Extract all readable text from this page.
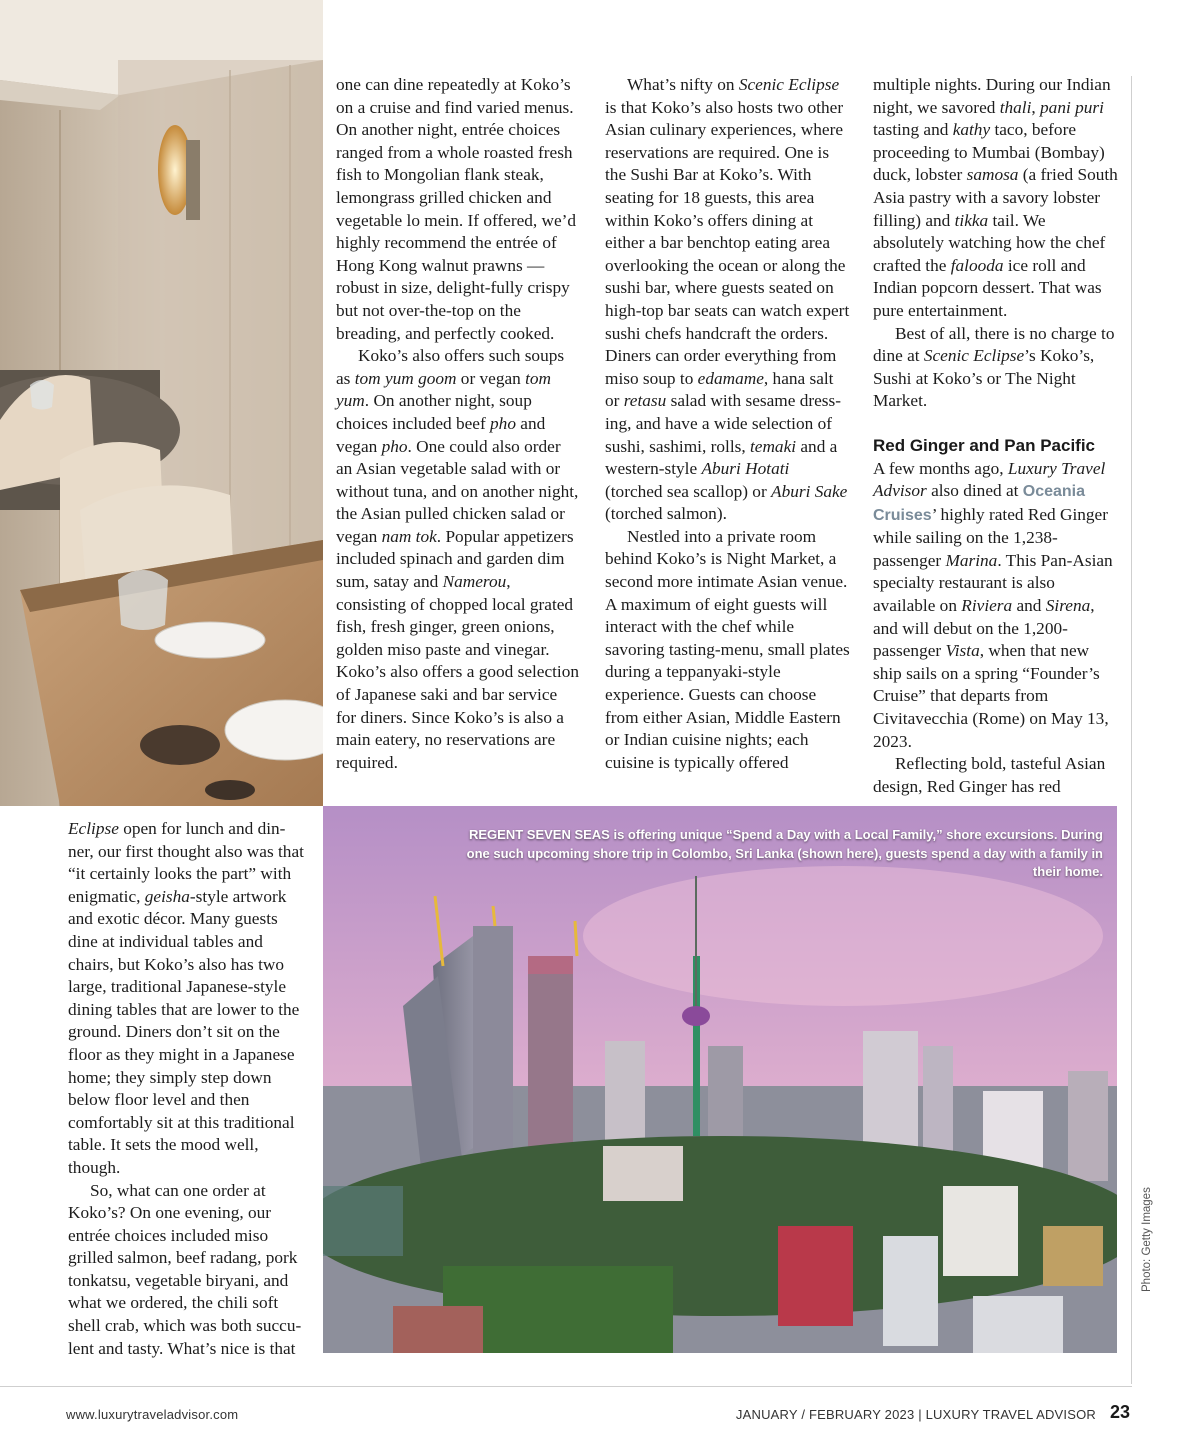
one can dine repeatedly at Koko’s on a cruise and find varied menus. On another night, entrée choices ranged from a whole roasted fresh fish to Mongolian flank steak, lemongrass grilled chicken and vegetable lo mein. If offered, we’d highly recommend the entrée of Hong Kong walnut prawns — robust in size, delight-fully crispy but not over-the-top on the breading, and perfectly cooked.

Koko’s also offers such soups as tom yum goom or vegan tom yum. On another night, soup choices included beef pho and vegan pho. One could also order an Asian vegetable salad with or without tuna, and on another night, the Asian pulled chicken salad or vegan nam tok. Popular appetizers included spinach and garden dim sum, satay and Namerou, consisting of chopped local grated fish, fresh ginger, green onions, golden miso paste and vinegar. Koko’s also offers a good selection of Japanese saki and bar service for diners. Since Koko’s is also a main eatery, no reservations are required.

What’s nifty on Scenic Eclipse is that Koko’s also hosts two other Asian culinary experiences, where reservations are required. One is the Sushi Bar at Koko’s. With seating for 18 guests, this area within Koko’s offers dining at either a bar benchtop eating area overlooking the ocean or along the sushi bar, where guests seated on high-top bar seats can watch expert sushi chefs handcraft the orders. Diners can order everything from miso soup to edamame, hana salt or retasu salad with sesame dress-ing, and have a wide selection of sushi, sashimi, rolls, temaki and a western-style Aburi Hotati (torched sea scallop) or Aburi Sake (torched salmon).

Nestled into a private room behind Koko’s is Night Market, a second more intimate Asian venue. A maximum of eight guests will interact with the chef while savoring tasting-menu, small plates during a teppanyaki-style experience. Guests can choose from either Asian, Middle Eastern or Indian cuisine nights; each cuisine is typically offered

multiple nights. During our Indian night, we savored thali, pani puri tasting and kathy taco, before proceeding to Mumbai (Bombay) duck, lobster samosa (a fried South Asia pastry with a savory lobster filling) and tikka tail. We absolutely watching how the chef crafted the falooda ice roll and Indian popcorn dessert. That was pure entertainment.

Best of all, there is no charge to dine at Scenic Eclipse’s Koko’s, Sushi at Koko’s or The Night Market.

Red Ginger and Pan Pacific

A few months ago, Luxury Travel Advisor also dined at Oceania Cruises’ highly rated Red Ginger while sailing on the 1,238-passenger Marina. This Pan-Asian specialty restaurant is also available on Riviera and Sirena, and will debut on the 1,200-passenger Vista, when that new ship sails on a spring “Founder’s Cruise” that departs from Civitavecchia (Rome) on May 13, 2023.

Reflecting bold, tasteful Asian design, Red Ginger has red

Eclipse open for lunch and din-ner, our first thought also was that “it certainly looks the part” with enigmatic, geisha-style artwork and exotic décor. Many guests dine at individual tables and chairs, but Koko’s also has two large, traditional Japanese-style dining tables that are lower to the ground. Diners don’t sit on the floor as they might in a Japanese home; they simply step down below floor level and then comfortably sit at this traditional table. It sets the mood well, though.

So, what can one order at Koko’s? On one evening, our entrée choices included miso grilled salmon, beef radang, pork tonkatsu, vegetable biryani, and what we ordered, the chili soft shell crab, which was both succu-lent and tasty. What’s nice is that

REGENT SEVEN SEAS is offering unique “Spend a Day with a Local Family,” shore excursions. During one such upcoming shore trip in Colombo, Sri Lanka (shown here), guests spend a day with a family in their home.
Photo: Getty Images
www.luxurytraveladvisor.com	JANUARY / FEBRUARY 2023 | LUXURY TRAVEL ADVISOR 23
